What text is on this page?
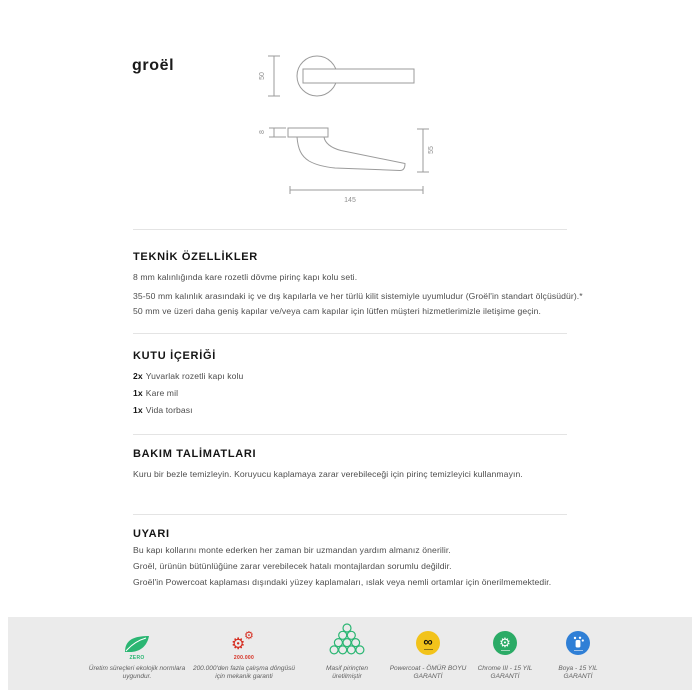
groël
50
8
55
145
TEKNİK ÖZELLİKLER
8 mm kalınlığında kare rozetli dövme pirinç kapı kolu seti.
35-50 mm kalınlık arasındaki iç ve dış kapılarla ve her türlü kilit sistemiyle uyumludur (Groël'in standart ölçüsüdür).*
50 mm ve üzeri daha geniş kapılar ve/veya cam kapılar için lütfen müşteri hizmetlerimizle iletişime geçin.
KUTU İÇERİĞİ
2x Yuvarlak rozetli kapı kolu
1x Kare mil
1x Vida torbası
BAKIM TALİMATLARI
Kuru bir bezle temizleyin. Koruyucu kaplamaya zarar verebileceği için pirinç temizleyici kullanmayın.
UYARI
Bu kapı kollarını monte ederken her zaman bir uzmandan yardım almanız önerilir.
Groël, ürünün bütünlüğüne zarar verebilecek hatalı montajlardan sorumlu değildir.
Groël'in Powercoat kaplaması dışındaki yüzey kaplamaları, ıslak veya nemli ortamlar için önerilmemektedir.
ZERO
Üretim süreçleri ekolojik normlara uygundur.
⚙
⚙
200.000
200.000'den fazla çalışma döngüsü için mekanik garanti
Masif pirinçten üretilmiştir
∞
Powercoat - ÖMÜR BOYU GARANTİ
⚙
Chrome III - 15 YIL GARANTİ
Boya - 15 YIL GARANTİ
